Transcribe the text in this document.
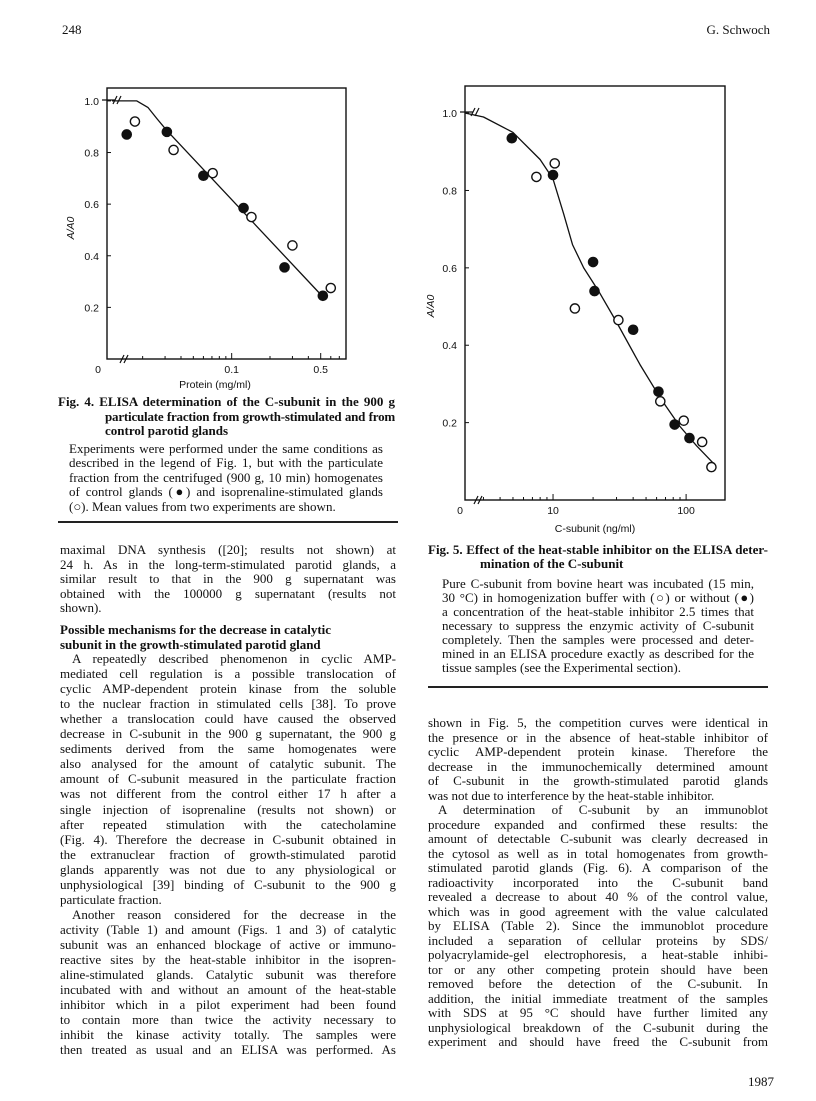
248	G. Schwoch
1987
1.0
0.8
0.6
0.4
0.2
0	0.1	0.5
Protein (mg/ml)
A/A0
1.0
0.8
0.6
0.4
0.2
0	10	100
C-subunit (ng/ml)
A/A0
Fig. 4. ELISA determination of the C-subunit in the 900 g
particulate fraction from growth-stimulated and from
control parotid glands
Experiments were performed under the same conditions as
described in the legend of Fig. 1, but with the particulate
fraction from the centrifuged (900 g, 10 min) homogenates
of control glands (●) and isoprenaline-stimulated glands
(○). Mean values from two experiments are shown.
maximal DNA synthesis ([20]; results not shown) at
24 h. As in the long-term-stimulated parotid glands, a
similar result to that in the 900 g supernatant was
obtained with the 100000 g supernatant (results not
shown).
Possible mechanisms for the decrease in catalytic
subunit in the growth-stimulated parotid gland
A repeatedly described phenomenon in cyclic AMP-
mediated cell regulation is a possible translocation of
cyclic AMP-dependent protein kinase from the soluble
to the nuclear fraction in stimulated cells [38]. To prove
whether a translocation could have caused the observed
decrease in C-subunit in the 900 g supernatant, the 900 g
sediments derived from the same homogenates were
also analysed for the amount of catalytic subunit. The
amount of C-subunit measured in the particulate fraction
was not different from the control either 17 h after a
single injection of isoprenaline (results not shown) or
after repeated stimulation with the catecholamine
(Fig. 4). Therefore the decrease in C-subunit obtained in
the extranuclear fraction of growth-stimulated parotid
glands apparently was not due to any physiological or
unphysiological [39] binding of C-subunit to the 900 g
particulate fraction.
Another reason considered for the decrease in the
activity (Table 1) and amount (Figs. 1 and 3) of catalytic
subunit was an enhanced blockage of active or immuno-
reactive sites by the heat-stable inhibitor in the isopren-
aline-stimulated glands. Catalytic subunit was therefore
incubated with and without an amount of the heat-stable
inhibitor which in a pilot experiment had been found
to contain more than twice the activity necessary to
inhibit the kinase activity totally. The samples were
then treated as usual and an ELISA was performed. As
Fig. 5. Effect of the heat-stable inhibitor on the ELISA deter-
mination of the C-subunit
Pure C-subunit from bovine heart was incubated (15 min,
30 °C) in homogenization buffer with (○) or without (●)
a concentration of the heat-stable inhibitor 2.5 times that
necessary to suppress the enzymic activity of C-subunit
completely. Then the samples were processed and deter-
mined in an ELISA procedure exactly as described for the
tissue samples (see the Experimental section).
shown in Fig. 5, the competition curves were identical in
the presence or in the absence of heat-stable inhibitor of
cyclic AMP-dependent protein kinase. Therefore the
decrease in the immunochemically determined amount
of C-subunit in the growth-stimulated parotid glands
was not due to interference by the heat-stable inhibitor.
A determination of C-subunit by an immunoblot
procedure expanded and confirmed these results: the
amount of detectable C-subunit was clearly decreased in
the cytosol as well as in total homogenates from growth-
stimulated parotid glands (Fig. 6). A comparison of the
radioactivity incorporated into the C-subunit band
revealed a decrease to about 40 % of the control value,
which was in good agreement with the value calculated
by ELISA (Table 2). Since the immunoblot procedure
included a separation of cellular proteins by SDS/
polyacrylamide-gel electrophoresis, a heat-stable inhibi-
tor or any other competing protein should have been
removed before the detection of the C-subunit. In
addition, the initial immediate treatment of the samples
with SDS at 95 °C should have further limited any
unphysiological breakdown of the C-subunit during the
experiment and should have freed the C-subunit from
